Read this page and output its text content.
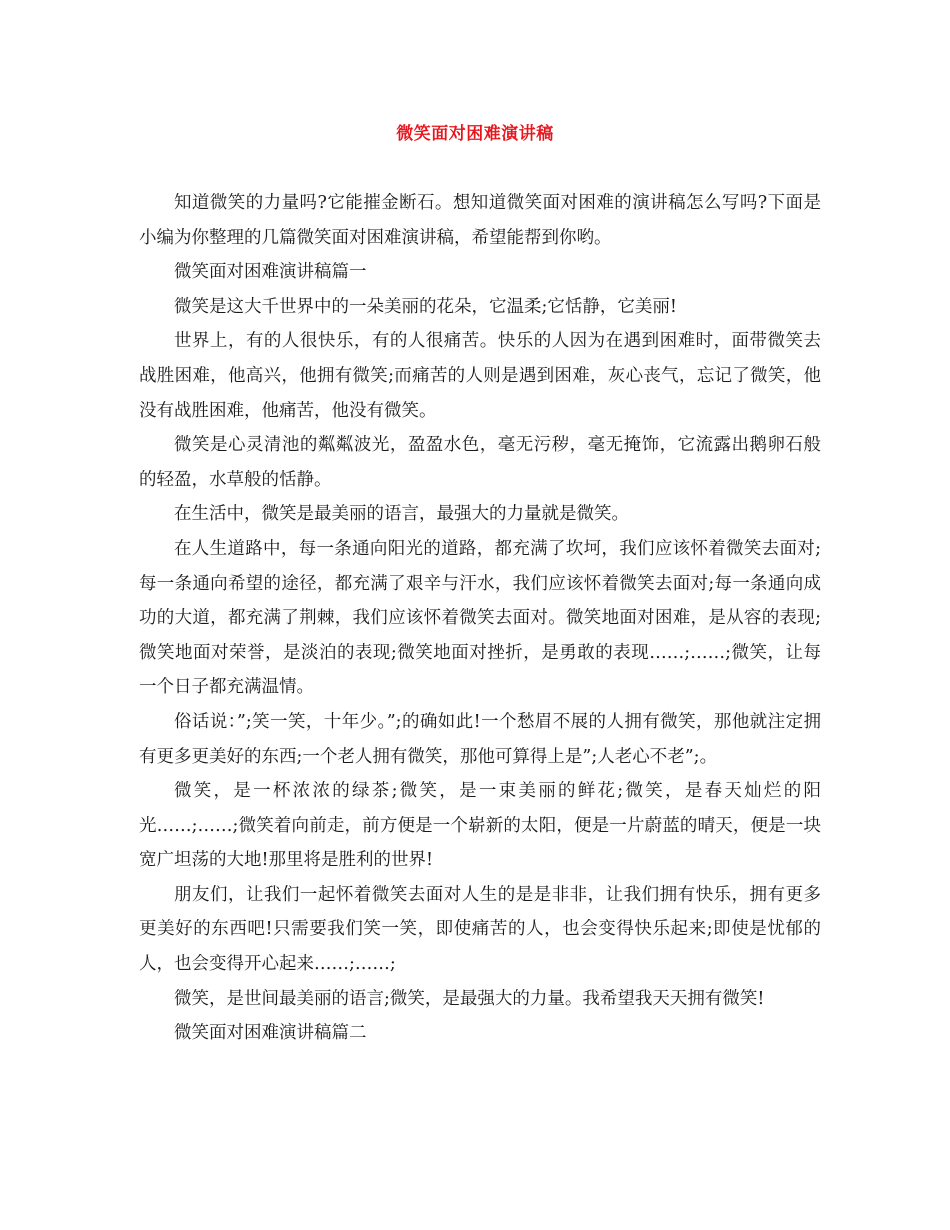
微笑面对困难演讲稿

知道微笑的力量吗?它能摧金断石。想知道微笑面对困难的演讲稿怎么写吗?下面是小编为你整理的几篇微笑面对困难演讲稿，希望能帮到你哟。

微笑面对困难演讲稿篇一

微笑是这大千世界中的一朵美丽的花朵，它温柔;它恬静，它美丽!

世界上，有的人很快乐，有的人很痛苦。快乐的人因为在遇到困难时，面带微笑去战胜困难，他高兴，他拥有微笑;而痛苦的人则是遇到困难，灰心丧气，忘记了微笑，他没有战胜困难，他痛苦，他没有微笑。

微笑是心灵清池的粼粼波光，盈盈水色，毫无污秽，毫无掩饰，它流露出鹅卵石般的轻盈，水草般的恬静。

在生活中，微笑是最美丽的语言，最强大的力量就是微笑。

在人生道路中，每一条通向阳光的道路，都充满了坎坷，我们应该怀着微笑去面对;每一条通向希望的途径，都充满了艰辛与汗水，我们应该怀着微笑去面对;每一条通向成功的大道，都充满了荆棘，我们应该怀着微笑去面对。微笑地面对困难，是从容的表现;微笑地面对荣誉，是淡泊的表现;微笑地面对挫折，是勇敢的表现……;……;微笑，让每一个日子都充满温情。

俗话说：”;笑一笑，十年少。”;的确如此!一个愁眉不展的人拥有微笑，那他就注定拥有更多更美好的东西;一个老人拥有微笑，那他可算得上是”;人老心不老”;。

微笑，是一杯浓浓的绿茶;微笑，是一束美丽的鲜花;微笑，是春天灿烂的阳光……;……;微笑着向前走，前方便是一个崭新的太阳，便是一片蔚蓝的晴天，便是一块宽广坦荡的大地!那里将是胜利的世界!

朋友们，让我们一起怀着微笑去面对人生的是是非非，让我们拥有快乐，拥有更多更美好的东西吧!只需要我们笑一笑，即使痛苦的人，也会变得快乐起来;即使是忧郁的人，也会变得开心起来……;……;

微笑，是世间最美丽的语言;微笑，是最强大的力量。我希望我天天拥有微笑!

微笑面对困难演讲稿篇二
